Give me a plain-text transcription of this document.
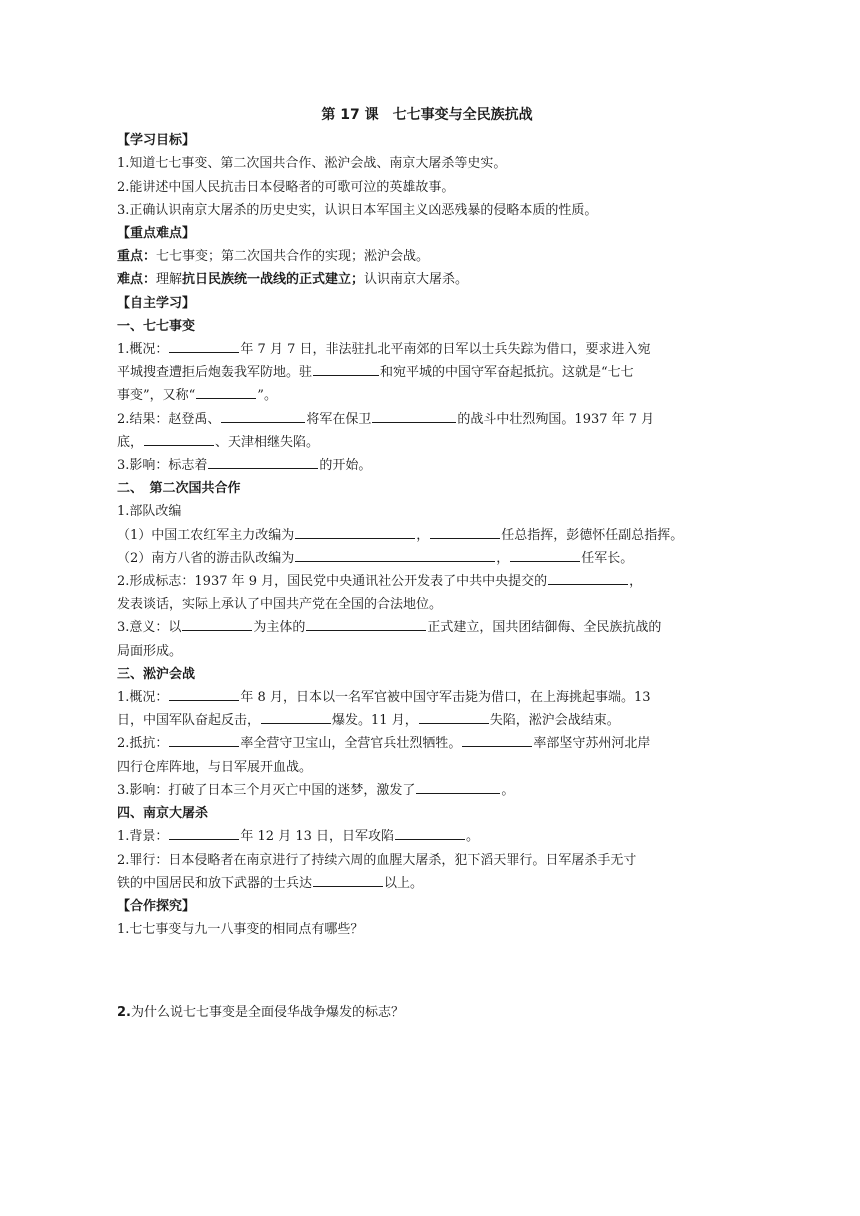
第 17 课　七七事变与全民族抗战
【学习目标】
1.知道七七事变、第二次国共合作、淞沪会战、南京大屠杀等史实。
2.能讲述中国人民抗击日本侵略者的可歌可泣的英雄故事。
3.正确认识南京大屠杀的历史史实，认识日本军国主义凶恶残暴的侵略本质的性质。
【重点难点】
重点：七七事变；第二次国共合作的实现；淞沪会战。
难点：理解抗日民族统一战线的正式建立；认识南京大屠杀。
【自主学习】
一、七七事变
1.概况：	年 7 月 7 日，非法驻扎北平南郊的日军以士兵失踪为借口，要求进入宛
平城搜查遭拒后炮轰我军防地。驻	和宛平城的中国守军奋起抵抗。这就是“七七
事变”，又称“	”。
2.结果：赵登禹、	将军在保卫	的战斗中壮烈殉国。1937 年 7 月
底，	、天津相继失陷。
3.影响：标志着	的开始。
二、　第二次国共合作
1.部队改编
（1）中国工农红军主力改编为	，	任总指挥，彭德怀任副总指挥。
（2）南方八省的游击队改编为	，	任军长。
2.形成标志：1937 年 9 月，国民党中央通讯社公开发表了中共中央提交的	，
发表谈话，实际上承认了中国共产党在全国的合法地位。
3.意义：以	为主体的	正式建立，国共团结御侮、全民族抗战的
局面形成。
三、淞沪会战
1.概况：	年 8 月，日本以一名军官被中国守军击毙为借口，在上海挑起事端。13
日，中国军队奋起反击，	爆发。11 月，	失陷，淞沪会战结束。
2.抵抗：	率全营守卫宝山，全营官兵壮烈牺牲。	率部坚守苏州河北岸
四行仓库阵地，与日军展开血战。
3.影响：打破了日本三个月灭亡中国的迷梦，激发了	。
四、南京大屠杀
1.背景：	年 12 月 13 日，日军攻陷	。
2.罪行：日本侵略者在南京进行了持续六周的血腥大屠杀，犯下滔天罪行。日军屠杀手无寸
铁的中国居民和放下武器的士兵达	以上。
【合作探究】
1.七七事变与九一八事变的相同点有哪些？
2.为什么说七七事变是全面侵华战争爆发的标志？
